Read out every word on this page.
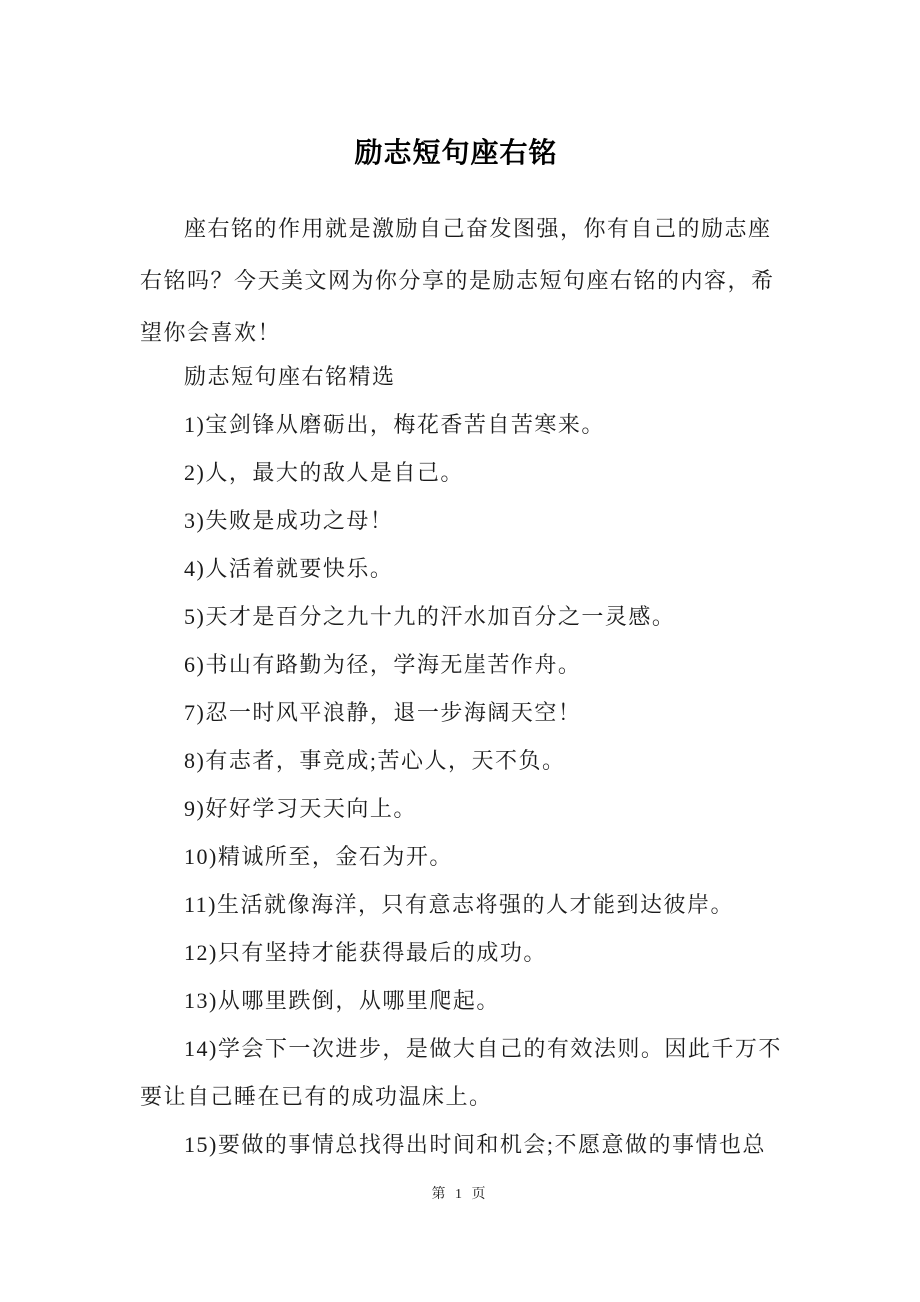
励志短句座右铭
座右铭的作用就是激励自己奋发图强，你有自己的励志座
右铭吗？今天美文网为你分享的是励志短句座右铭的内容，希
望你会喜欢！
励志短句座右铭精选
1)宝剑锋从磨砺出，梅花香苦自苦寒来。
2)人，最大的敌人是自己。
3)失败是成功之母！
4)人活着就要快乐。
5)天才是百分之九十九的汗水加百分之一灵感。
6)书山有路勤为径，学海无崖苦作舟。
7)忍一时风平浪静，退一步海阔天空！
8)有志者，事竞成;苦心人，天不负。
9)好好学习天天向上。
10)精诚所至，金石为开。
11)生活就像海洋，只有意志将强的人才能到达彼岸。
12)只有坚持才能获得最后的成功。
13)从哪里跌倒，从哪里爬起。
14)学会下一次进步，是做大自己的有效法则。因此千万不
要让自己睡在已有的成功温床上。
15)要做的事情总找得出时间和机会;不愿意做的事情也总
第 1 页
